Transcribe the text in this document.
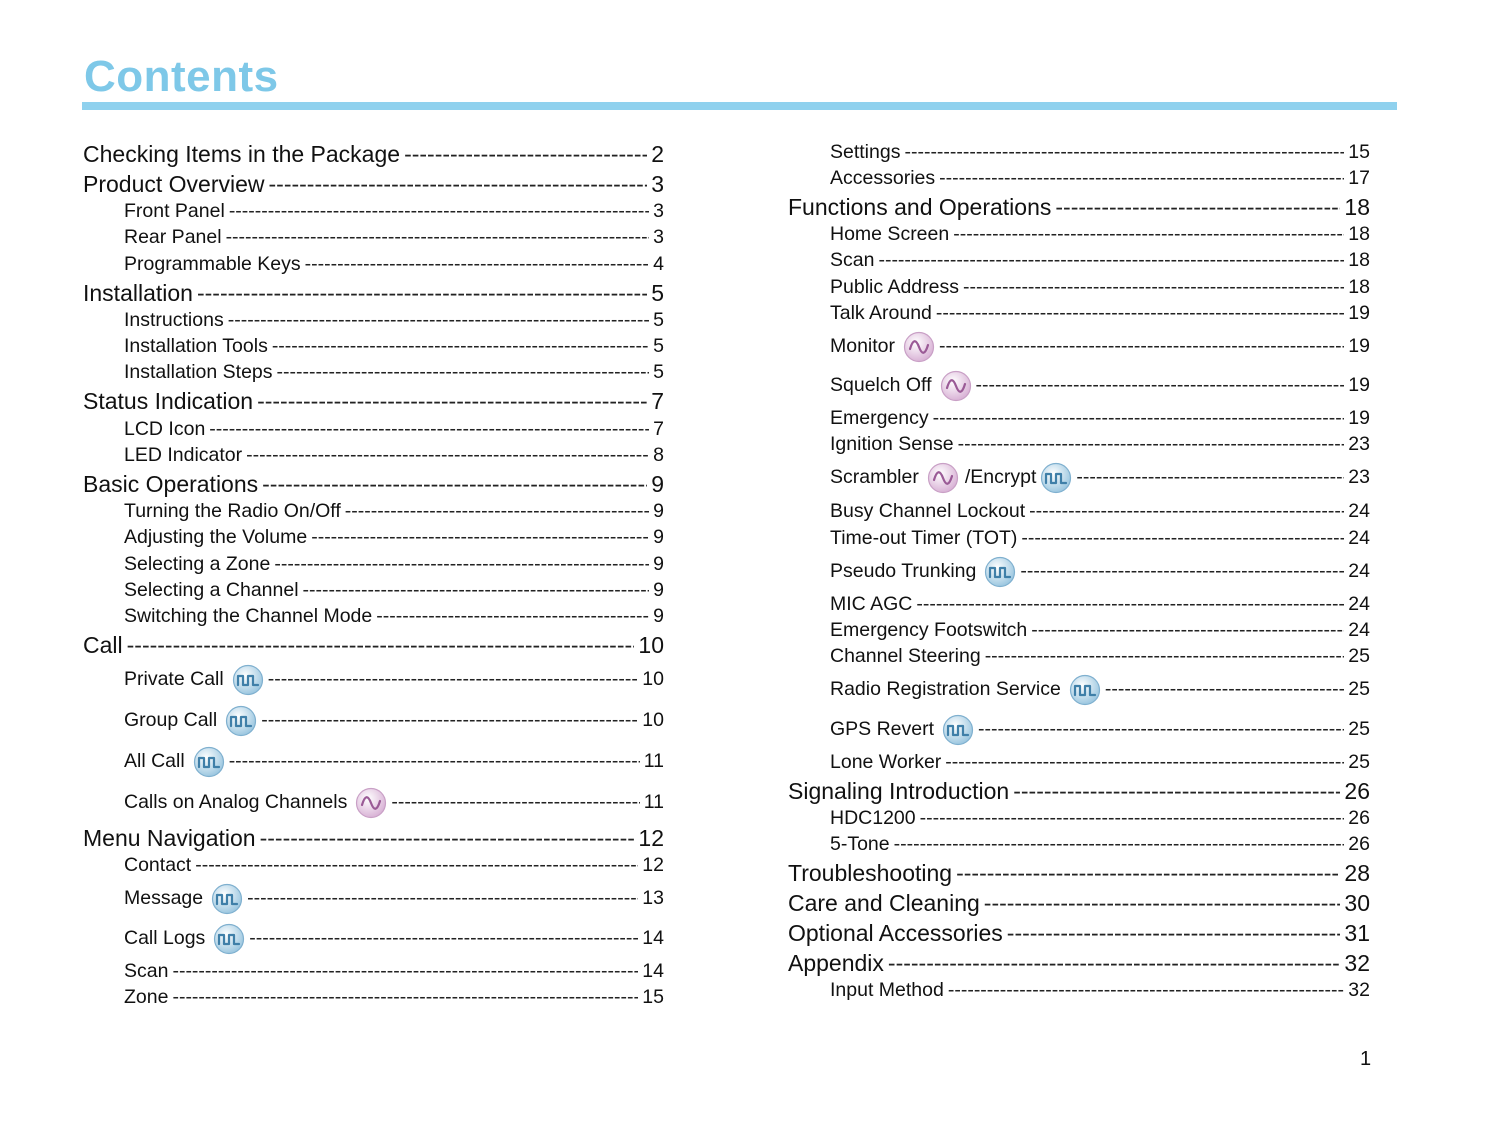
Contents
Checking Items in the Package -----	2
Product Overview -----	3
Front Panel -----	3
Rear Panel -----	3
Programmable Keys -----	4
Installation -----	5
Instructions -----	5
Installation Tools -----	5
Installation Steps -----	5
Status Indication -----	7
LCD Icon -----	7
LED Indicator -----	8
Basic Operations -----	9
Turning the Radio On/Off -----	9
Adjusting the Volume -----	9
Selecting a Zone -----	9
Selecting a Channel -----	9
Switching the Channel Mode -----	9
Call -----	10
Private Call -----	10
Group Call -----	10
All Call -----	11
Calls on Analog Channels -----	11
Menu Navigation -----	12
Contact -----	12
Message -----	13
Call Logs -----	14
Scan -----	14
Zone -----	15
Settings -----	15
Accessories -----	17
Functions and Operations -----	18
Home Screen -----	18
Scan -----	18
Public Address -----	18
Talk Around -----	19
Monitor -----	19
Squelch Off -----	19
Emergency -----	19
Ignition Sense -----	23
Scrambler /Encrypt -----	23
Busy Channel Lockout -----	24
Time-out Timer (TOT) -----	24
Pseudo Trunking -----	24
MIC AGC -----	24
Emergency Footswitch -----	24
Channel Steering -----	25
Radio Registration Service -----	25
GPS Revert -----	25
Lone Worker -----	25
Signaling Introduction -----	26
HDC1200 -----	26
5-Tone -----	26
Troubleshooting -----	28
Care and Cleaning -----	30
Optional Accessories -----	31
Appendix -----	32
Input Method -----	32
1
